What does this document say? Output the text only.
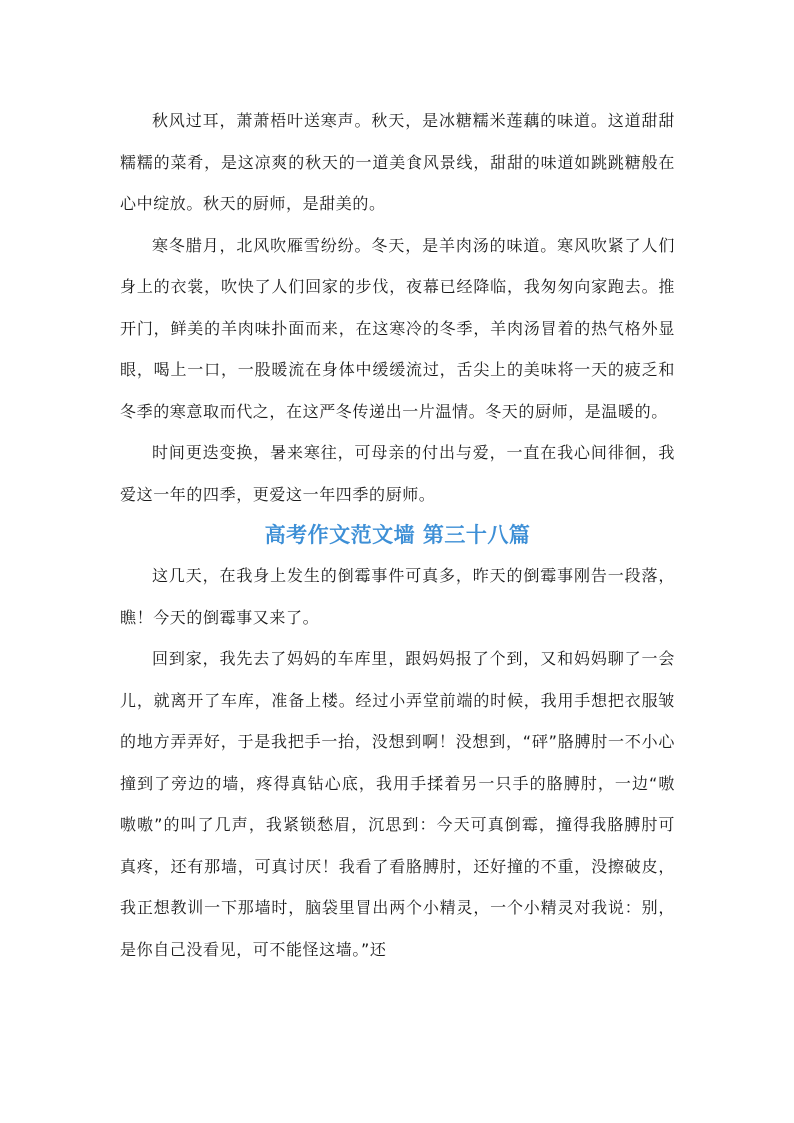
秋风过耳，萧萧梧叶送寒声。秋天，是冰糖糯米莲藕的味道。这道甜甜糯糯的菜肴，是这凉爽的秋天的一道美食风景线，甜甜的味道如跳跳糖般在心中绽放。秋天的厨师，是甜美的。

寒冬腊月，北风吹雁雪纷纷。冬天，是羊肉汤的味道。寒风吹紧了人们身上的衣裳，吹快了人们回家的步伐，夜幕已经降临，我匆匆向家跑去。推开门，鲜美的羊肉味扑面而来，在这寒冷的冬季，羊肉汤冒着的热气格外显眼，喝上一口，一股暖流在身体中缓缓流过，舌尖上的美味将一天的疲乏和冬季的寒意取而代之，在这严冬传递出一片温情。冬天的厨师，是温暖的。

时间更迭变换，暑来寒往，可母亲的付出与爱，一直在我心间徘徊，我爱这一年的四季，更爱这一年四季的厨师。

高考作文范文墙 第三十八篇

这几天，在我身上发生的倒霉事件可真多，昨天的倒霉事刚告一段落，瞧！今天的倒霉事又来了。

回到家，我先去了妈妈的车库里，跟妈妈报了个到，又和妈妈聊了一会儿，就离开了车库，准备上楼。经过小弄堂前端的时候，我用手想把衣服皱的地方弄弄好，于是我把手一抬，没想到啊！没想到，“砰”胳膊肘一不小心撞到了旁边的墙，疼得真钻心底，我用手揉着另一只手的胳膊肘，一边“嗷嗷嗷”的叫了几声，我紧锁愁眉，沉思到：今天可真倒霉，撞得我胳膊肘可真疼，还有那墙，可真讨厌！我看了看胳膊肘，还好撞的不重，没擦破皮，我正想教训一下那墙时，脑袋里冒出两个小精灵，一个小精灵对我说：别，是你自己没看见，可不能怪这墙。”还
